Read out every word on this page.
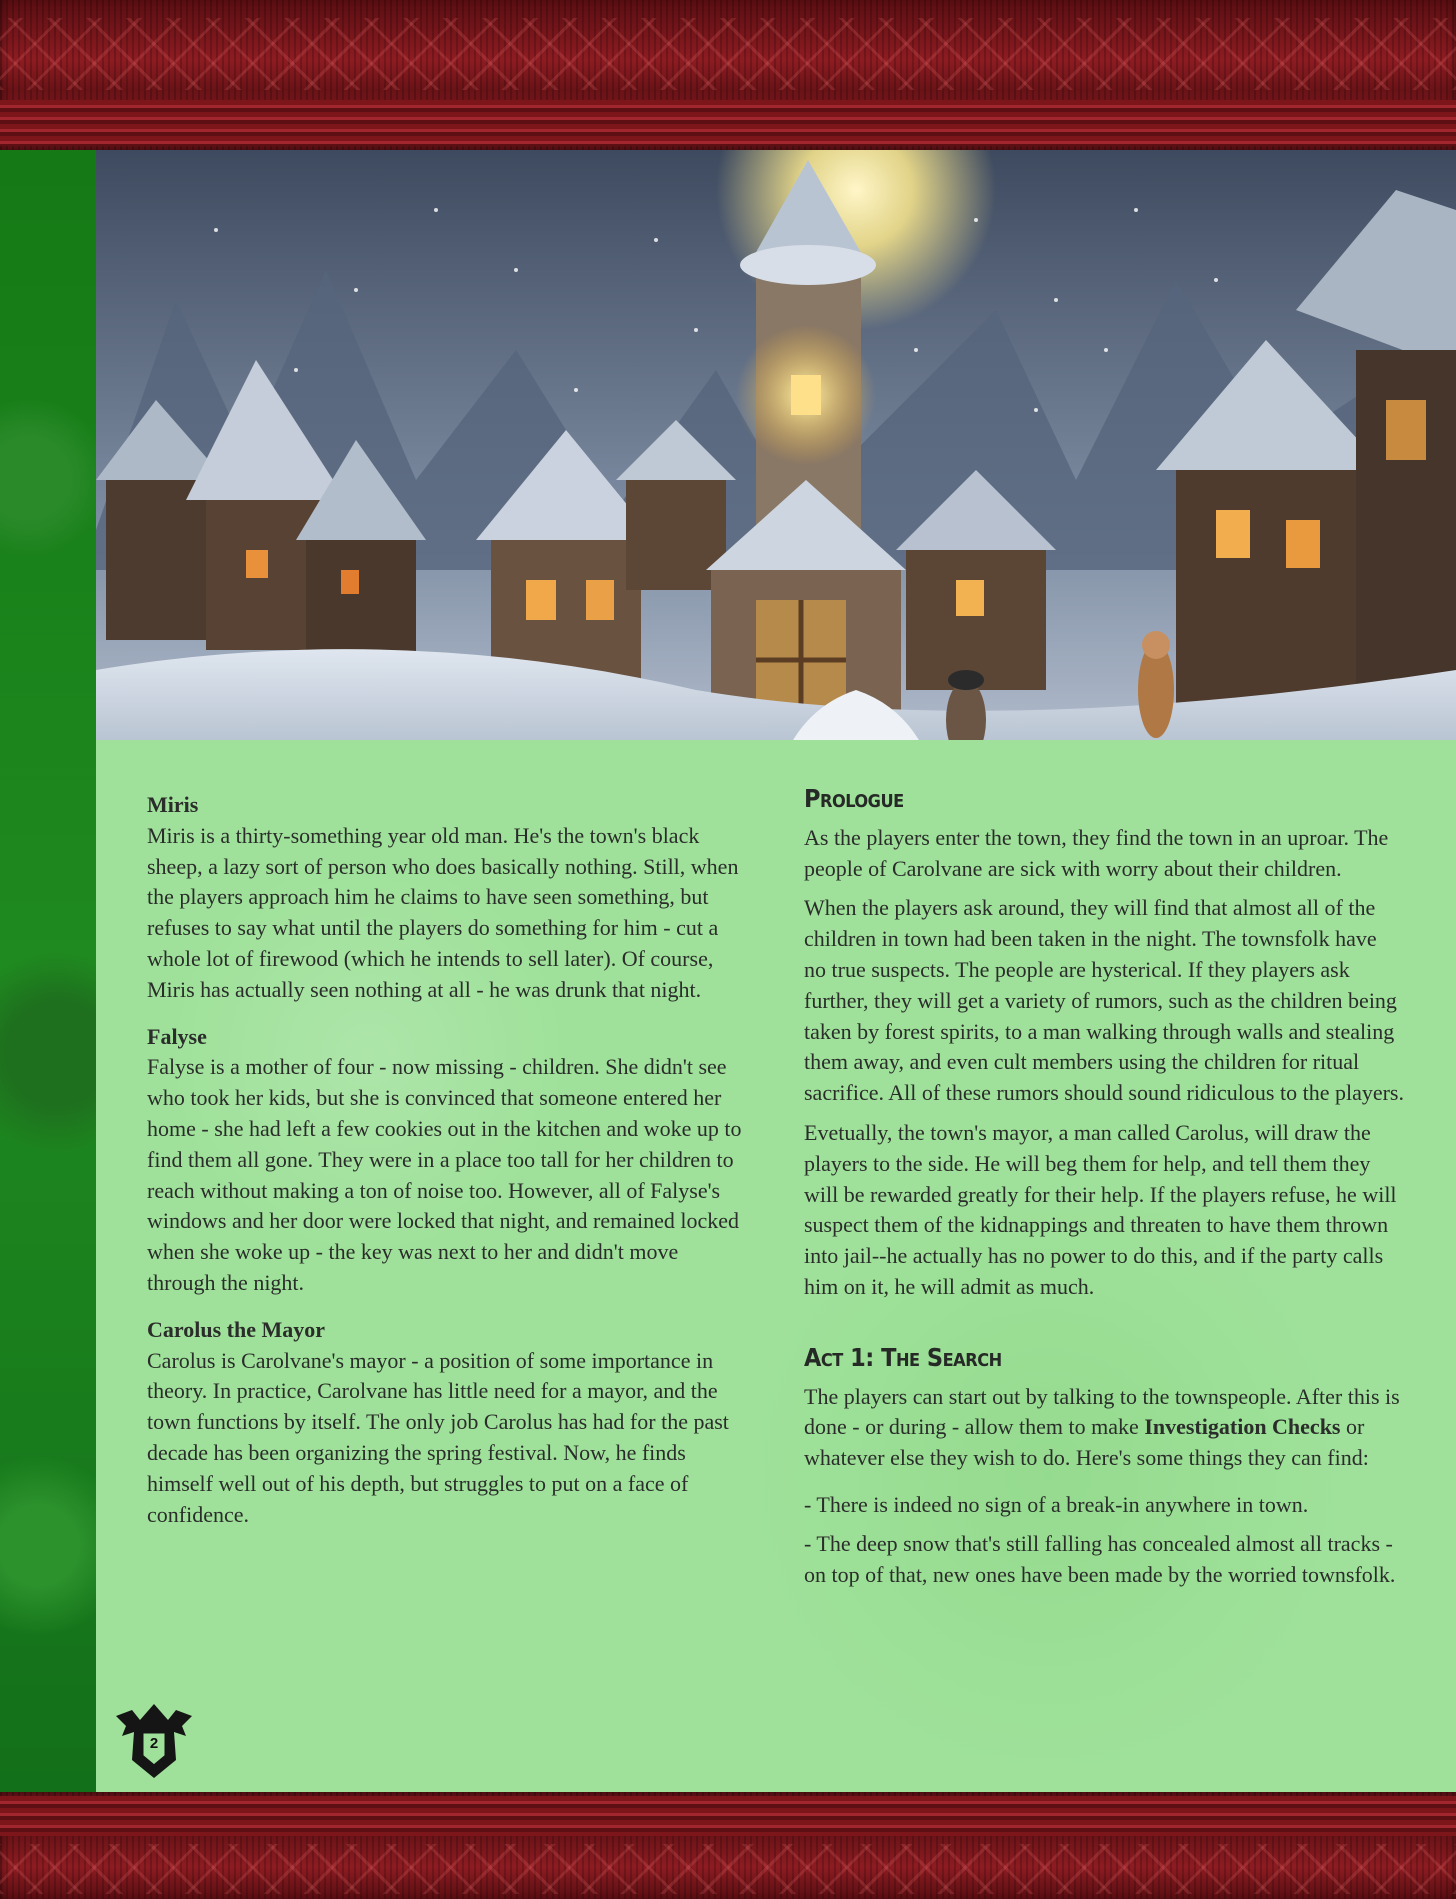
Miris

Miris is a thirty-something year old man. He's the town's black sheep, a lazy sort of person who does basically nothing. Still, when the players approach him he claims to have seen something, but refuses to say what until the players do something for him - cut a whole lot of firewood (which he intends to sell later). Of course, Miris has actually seen nothing at all - he was drunk that night.

Falyse

Falyse is a mother of four - now missing - children. She didn't see who took her kids, but she is convinced that someone entered her home - she had left a few cookies out in the kitchen and woke up to find them all gone. They were in a place too tall for her children to reach without making a ton of noise too. However, all of Falyse's windows and her door were locked that night, and remained locked when she woke up - the key was next to her and didn't move through the night.

Carolus the Mayor

Carolus is Carolvane's mayor - a position of some importance in theory. In practice, Carolvane has little need for a mayor, and the town functions by itself. The only job Carolus has had for the past decade has been organizing the spring festival. Now, he finds himself well out of his depth, but struggles to put on a face of confidence.

Prologue

As the players enter the town, they find the town in an uproar. The people of Carolvane are sick with worry about their children.

When the players ask around, they will find that almost all of the children in town had been taken in the night. The townsfolk have no true suspects. The people are hysterical. If they players ask further, they will get a variety of rumors, such as the children being taken by forest spirits, to a man walking through walls and stealing them away, and even cult members using the children for ritual sacrifice. All of these rumors should sound ridiculous to the players.

Evetually, the town's mayor, a man called Carolus, will draw the players to the side. He will beg them for help, and tell them they will be rewarded greatly for their help. If the players refuse, he will suspect them of the kidnappings and threaten to have them thrown into jail--he actually has no power to do this, and if the party calls him on it, he will admit as much.

Act 1: The Search

The players can start out by talking to the townspeople. After this is done - or during - allow them to make Investigation Checks or whatever else they wish to do. Here's some things they can find:

- There is indeed no sign of a break-in anywhere in town.

- The deep snow that's still falling has concealed almost all tracks - on top of that, new ones have been made by the worried townsfolk.

2
